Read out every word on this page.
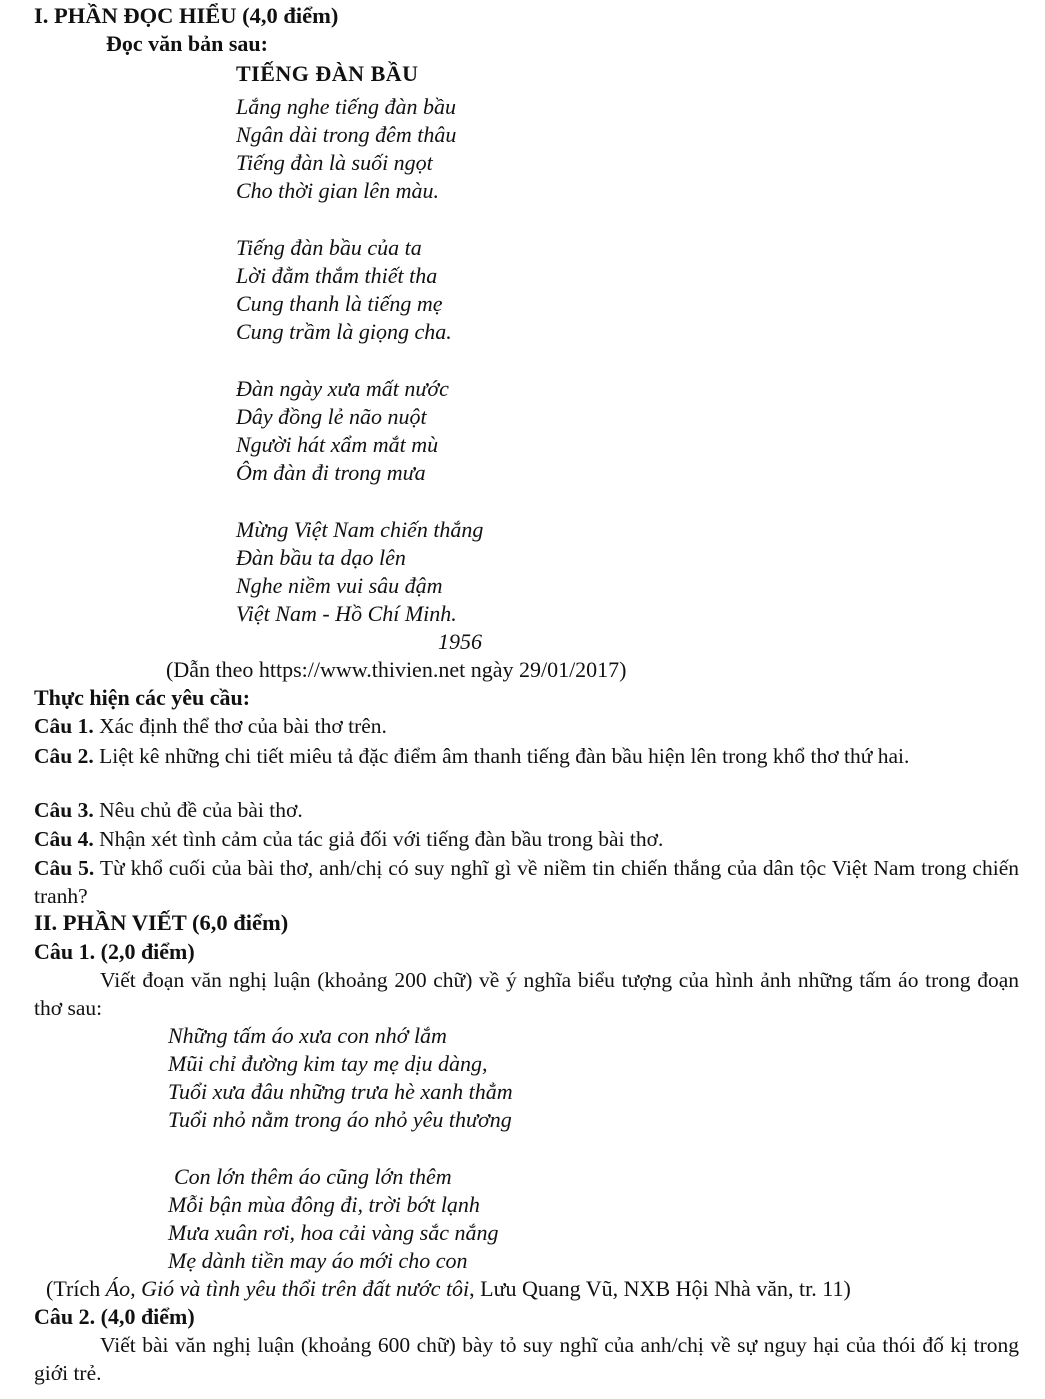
I. PHẦN ĐỌC HIỂU (4,0 điểm)
Đọc văn bản sau:
TIẾNG ĐÀN BẦU
Lắng nghe tiếng đàn bầu
Ngân dài trong đêm thâu
Tiếng đàn là suối ngọt
Cho thời gian lên màu.
Tiếng đàn bầu của ta
Lời đằm thắm thiết tha
Cung thanh là tiếng mẹ
Cung trầm là giọng cha.
Đàn ngày xưa mất nước
Dây đồng lẻ não nuột
Người hát xẩm mắt mù
Ôm đàn đi trong mưa
Mừng Việt Nam chiến thắng
Đàn bầu ta dạo lên
Nghe niềm vui sâu đậm
Việt Nam - Hồ Chí Minh.
1956
(Dẫn theo https://www.thivien.net ngày 29/01/2017)
Thực hiện các yêu cầu:
Câu 1. Xác định thể thơ của bài thơ trên.
Câu 2. Liệt kê những chi tiết miêu tả đặc điểm âm thanh tiếng đàn bầu hiện lên trong khổ thơ thứ hai.
Câu 3. Nêu chủ đề của bài thơ.
Câu 4. Nhận xét tình cảm của tác giả đối với tiếng đàn bầu trong bài thơ.
Câu 5. Từ khổ cuối của bài thơ, anh/chị có suy nghĩ gì về niềm tin chiến thắng của dân tộc Việt Nam trong chiến tranh?
II. PHẦN VIẾT (6,0 điểm)
Câu 1. (2,0 điểm)
Viết đoạn văn nghị luận (khoảng 200 chữ) về ý nghĩa biểu tượng của hình ảnh những tấm áo trong đoạn thơ sau:
Những tấm áo xưa con nhớ lắm
Mũi chỉ đường kim tay mẹ dịu dàng,
Tuổi xưa đâu những trưa hè xanh thẳm
Tuổi nhỏ nằm trong áo nhỏ yêu thương
Con lớn thêm áo cũng lớn thêm
Mỗi bận mùa đông đi, trời bớt lạnh
Mưa xuân rơi, hoa cải vàng sắc nắng
Mẹ dành tiền may áo mới cho con
(Trích Áo, Gió và tình yêu thổi trên đất nước tôi, Lưu Quang Vũ, NXB Hội Nhà văn, tr. 11)
Câu 2. (4,0 điểm)
Viết bài văn nghị luận (khoảng 600 chữ) bày tỏ suy nghĩ của anh/chị về sự nguy hại của thói đố kị trong giới trẻ.
